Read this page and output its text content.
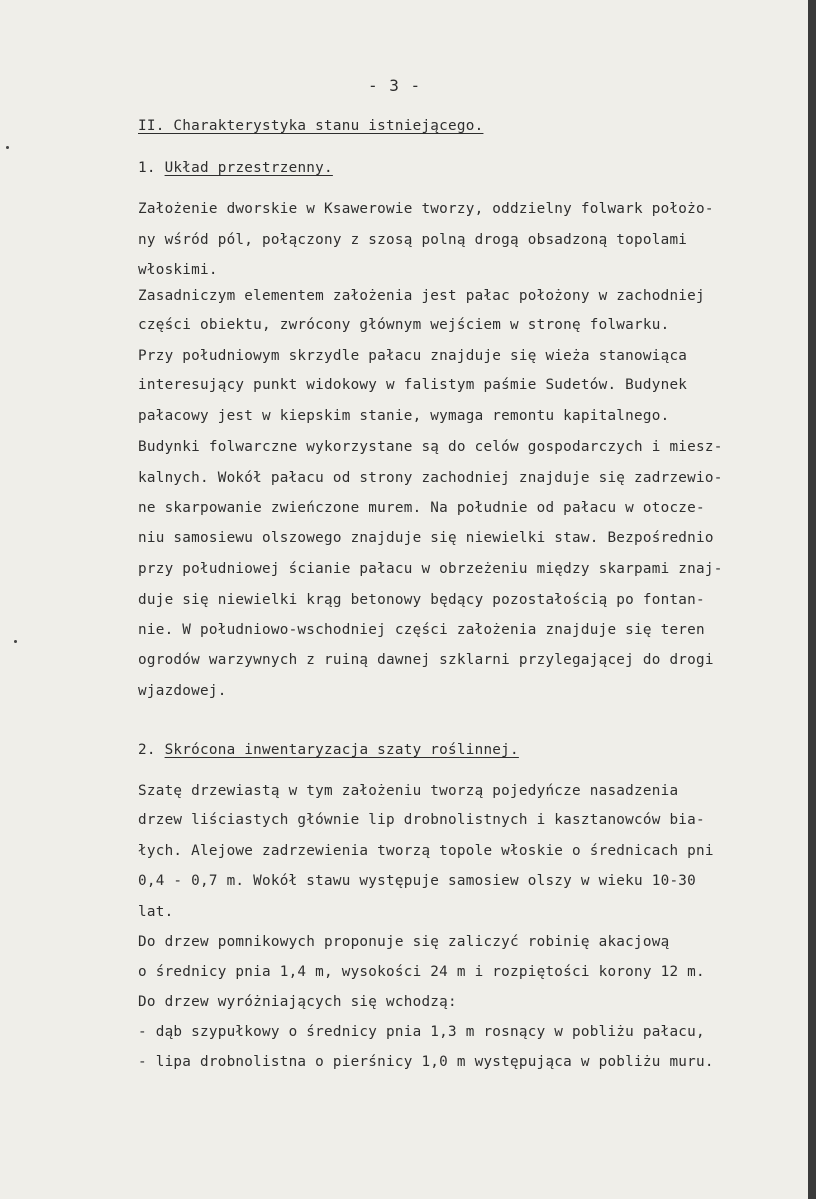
- 3 -
II. Charakterystyka stanu istniejącego.
1. Układ przestrzenny.
Założenie dworskie w Ksawerowie tworzy, oddzielny folwark położo-
ny wśród pól, połączony z szosą polną drogą obsadzoną topolami
włoskimi.
Zasadniczym elementem założenia jest pałac położony w zachodniej
części obiektu, zwrócony głównym wejściem w stronę folwarku.
Przy południowym skrzydle pałacu znajduje się wieża stanowiąca
interesujący punkt widokowy w falistym paśmie Sudetów. Budynek
pałacowy jest w kiepskim stanie, wymaga remontu kapitalnego.
Budynki folwarczne wykorzystane są do celów gospodarczych i miesz-
kalnych. Wokół pałacu od strony zachodniej znajduje się zadrzewio-
ne skarpowanie zwieńczone murem. Na południe od pałacu w otocze-
niu samosiewu olszowego znajduje się niewielki staw. Bezpośrednio
przy południowej ścianie pałacu w obrzeżeniu między skarpami znaj-
duje się niewielki krąg betonowy będący pozostałością po fontan-
nie. W południowo-wschodniej części założenia znajduje się teren
ogrodów warzywnych z ruiną dawnej szklarni przylegającej do drogi
wjazdowej.
2. Skrócona inwentaryzacja szaty roślinnej.
Szatę drzewiastą w tym założeniu tworzą pojedyńcze nasadzenia
drzew liściastych głównie lip drobnolistnych i kasztanowców bia-
łych. Alejowe zadrzewienia tworzą topole włoskie o średnicach pni
0,4 - 0,7 m. Wokół stawu występuje samosiew olszy w wieku 10-30
lat.
Do drzew pomnikowych proponuje się zaliczyć robinię akacjową
o średnicy pnia 1,4 m, wysokości 24 m i rozpiętości korony 12 m.
Do drzew wyróżniających się wchodzą:
- dąb szypułkowy o średnicy pnia 1,3 m rosnący w pobliżu pałacu,
- lipa drobnolistna o pierśnicy 1,0 m występująca w pobliżu muru.
